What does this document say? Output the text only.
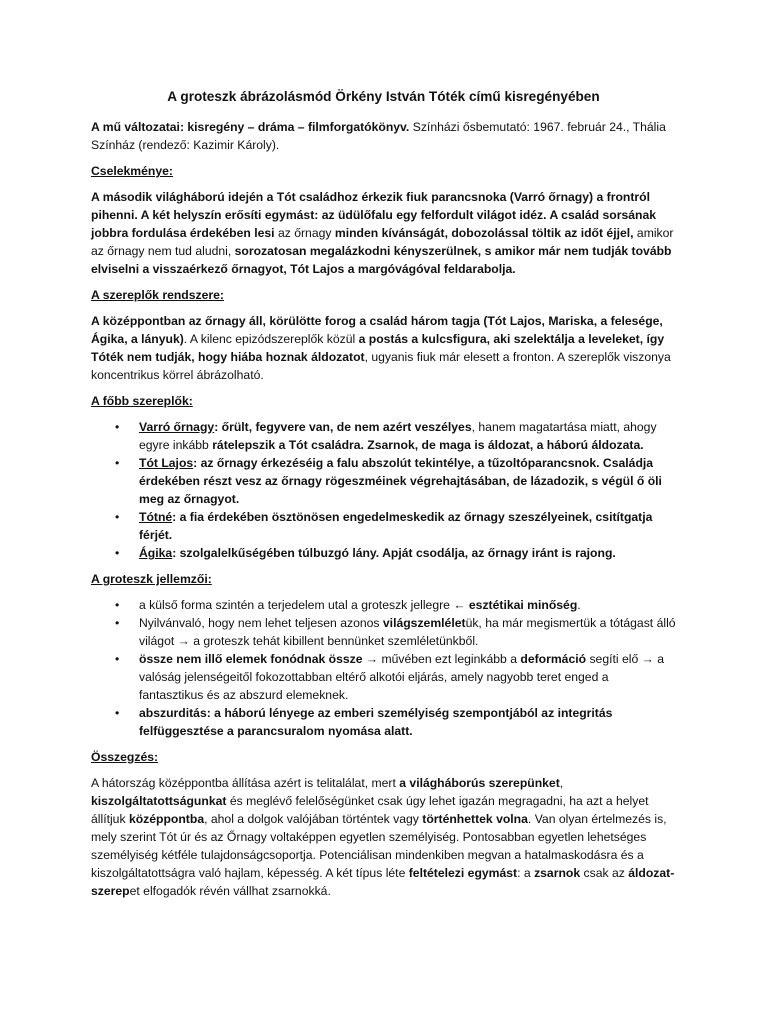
A groteszk ábrázolásmód Örkény István Tóték című kisregényében

A mű változatai: kisregény – dráma – filmforgatókönyv. Színházi ősbemutató: 1967. február 24., Thália Színház (rendező: Kazimir Károly).

Cselekménye:

A második világháború idején a Tót családhoz érkezik fiuk parancsnoka (Varró őrnagy) a frontról pihenni. A két helyszín erősíti egymást: az üdülőfalu egy felfordult világot idéz. A család sorsának jobbra fordulása érdekében lesi az őrnagy minden kívánságát, dobozolással töltik az időt éjjel, amikor az őrnagy nem tud aludni, sorozatosan megalázkodni kényszerülnek, s amikor már nem tudják tovább elviselni a visszaérkező őrnagyot, Tót Lajos a margóvágóval feldarabolja.

A szereplők rendszere:

A középpontban az őrnagy áll, körülötte forog a család három tagja (Tót Lajos, Mariska, a felesége, Ágika, a lányuk). A kilenc epizódszereplők közül a postás a kulcsfigura, aki szelektálja a leveleket, így Tóték nem tudják, hogy hiába hoznak áldozatot, ugyanis fiuk már elesett a fronton. A szereplők viszonya koncentrikus körrel ábrázolható.

A főbb szereplők:
• Varró őrnagy: őrült, fegyvere van, de nem azért veszélyes, hanem magatartása miatt, ahogy egyre inkább rátelepszik a Tót családra. Zsarnok, de maga is áldozat, a háború áldozata.
• Tót Lajos: az őrnagy érkezéséig a falu abszolút tekintélye, a tűzoltóparancsnok. Családja érdekében részt vesz az őrnagy rögeszméinek végrehajtásában, de lázadozik, s végül ő öli meg az őrnagyot.
• Tótné: a fia érdekében ösztönösen engedelmeskedik az őrnagy szeszélyeinek, csitítgatja férjét.
• Ágika: szolgalelkűségében túlbuzgó lány. Apját csodálja, az őrnagy iránt is rajong.
A groteszk jellemzői:
• a külső forma szintén a terjedelem utal a groteszk jellegre ← esztétikai minőség.
• Nyilvánvaló, hogy nem lehet teljesen azonos világszemléletük, ha már megismertük a tótágast álló világot → a groteszk tehát kibillent bennünket szemléletünkből.
• össze nem illő elemek fonódnak össze → művében ezt leginkább a deformáció segíti elő → a valóság jelenségeitől fokozottabban eltérő alkotói eljárás, amely nagyobb teret enged a fantasztikus és az abszurd elemeknek.
• abszurditás: a háború lényege az emberi személyiség szempontjából az integritás felfüggesztése a parancsuralom nyomása alatt.
Összegzés:

A hátország középpontba állítása azért is telitalálat, mert a világháborús szerepünket, kiszolgáltatottságunkat és meglévő felelőségünket csak úgy lehet igazán megragadni, ha azt a helyet állítjuk középpontba, ahol a dolgok valójában történtek vagy történhettek volna. Van olyan értelmezés is, mely szerint Tót úr és az Őrnagy voltaképpen egyetlen személyiség. Pontosabban egyetlen lehetséges személyiség kétféle tulajdonságcsoportja. Potenciálisan mindenkiben megvan a hatalmaskodásra és a kiszolgáltatottságra való hajlam, képesség. A két típus léte feltételezi egymást: a zsarnok csak az áldozat-szerepet elfogadók révén vállhat zsarnokká.
